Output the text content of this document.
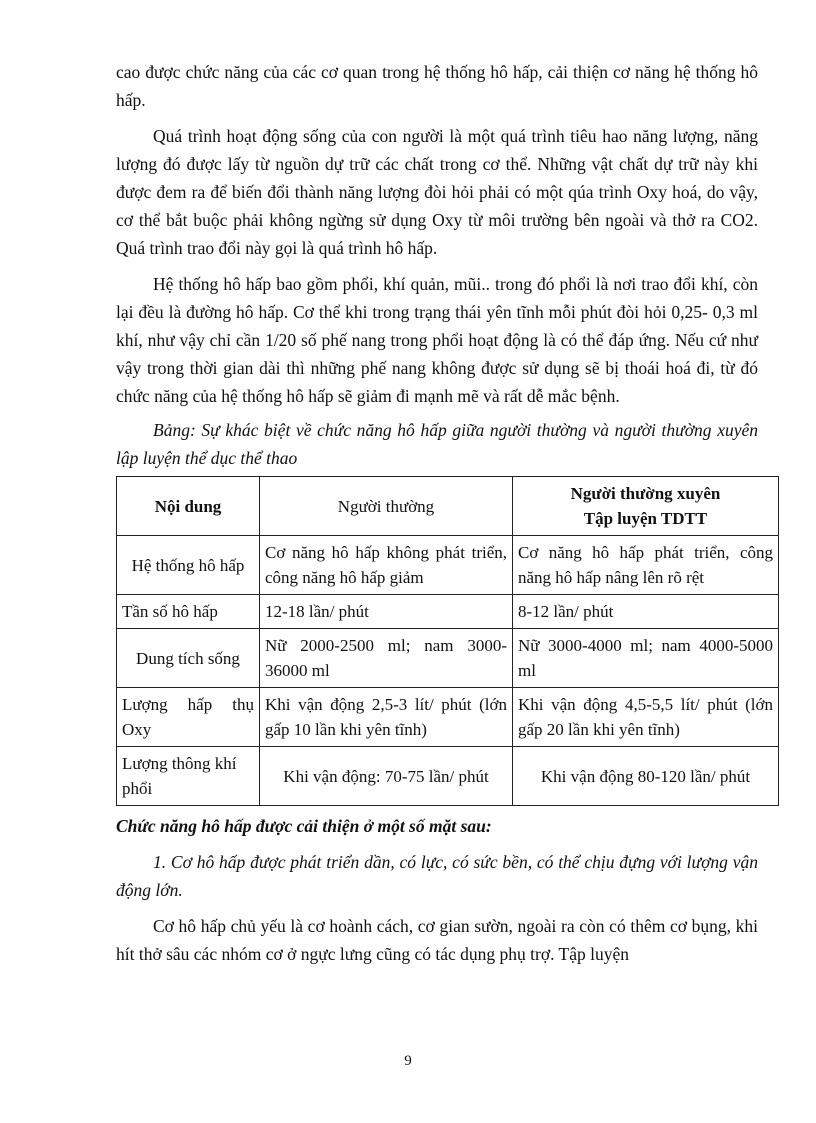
cao được chức năng của các cơ quan trong hệ thống hô hấp, cải thiện cơ năng hệ thống hô hấp.

Quá trình hoạt động sống của con người là một quá trình tiêu hao năng lượng, năng lượng đó được lấy từ nguồn dự trữ các chất trong cơ thể. Những vật chất dự trữ này khi được đem ra để biến đổi thành năng lượng đòi hỏi phải có một qúa trình Oxy hoá, do vậy, cơ thể bắt buộc phải không ngừng sử dụng Oxy từ môi trường bên ngoài và thở ra CO2. Quá trình trao đổi này gọi là quá trình hô hấp.

Hệ thống hô hấp bao gồm phổi, khí quản, mũi.. trong đó phổi là nơi trao đổi khí, còn lại đều là đường hô hấp. Cơ thể khi trong trạng thái yên tĩnh mỗi phút đòi hỏi 0,25- 0,3 ml khí, như vậy chỉ cần 1/20 số phế nang trong phổi hoạt động là có thể đáp ứng. Nếu cứ như vậy trong thời gian dài thì những phế nang không được sử dụng sẽ bị thoái hoá đi, từ đó chức năng của hệ thống hô hấp sẽ giảm đi mạnh mẽ và rất dễ mắc bệnh.

Bảng: Sự khác biệt về chức năng hô hấp giữa người thường và người thường xuyên lập luyện thể dục thể thao

Nội dung	Người thường	Người thường xuyên
Tập luyện TDTT

Hệ thống hô hấp	Cơ năng hô hấp không phát triển, công năng hô hấp giảm	Cơ năng hô hấp phát triển, công năng hô hấp nâng lên rõ rệt
Tần số hô hấp	12-18 lần/ phút	8-12 lần/ phút
Dung tích sống	Nữ 2000-2500 ml; nam 3000-36000 ml	Nữ 3000-4000 ml; nam 4000-5000 ml
Lượng hấp thụ Oxy	Khi vận động 2,5-3 lít/ phút (lớn gấp 10 lần khi yên tĩnh)	Khi vận động 4,5-5,5 lít/ phút (lớn gấp 20 lần khi yên tĩnh)
Lượng thông khí phổi	Khi vận động: 70-75 lần/ phút	Khi vận động 80-120 lần/ phút

Chức năng hô hấp được cải thiện ở một số mặt sau:

1. Cơ hô hấp được phát triển dần, có lực, có sức bền, có thể chịu đựng với lượng vận động lớn.

Cơ hô hấp chủ yếu là cơ hoành cách, cơ gian sườn, ngoài ra còn có thêm cơ bụng, khi hít thở sâu các nhóm cơ ở ngực lưng cũng có tác dụng phụ trợ. Tập luyện

9
